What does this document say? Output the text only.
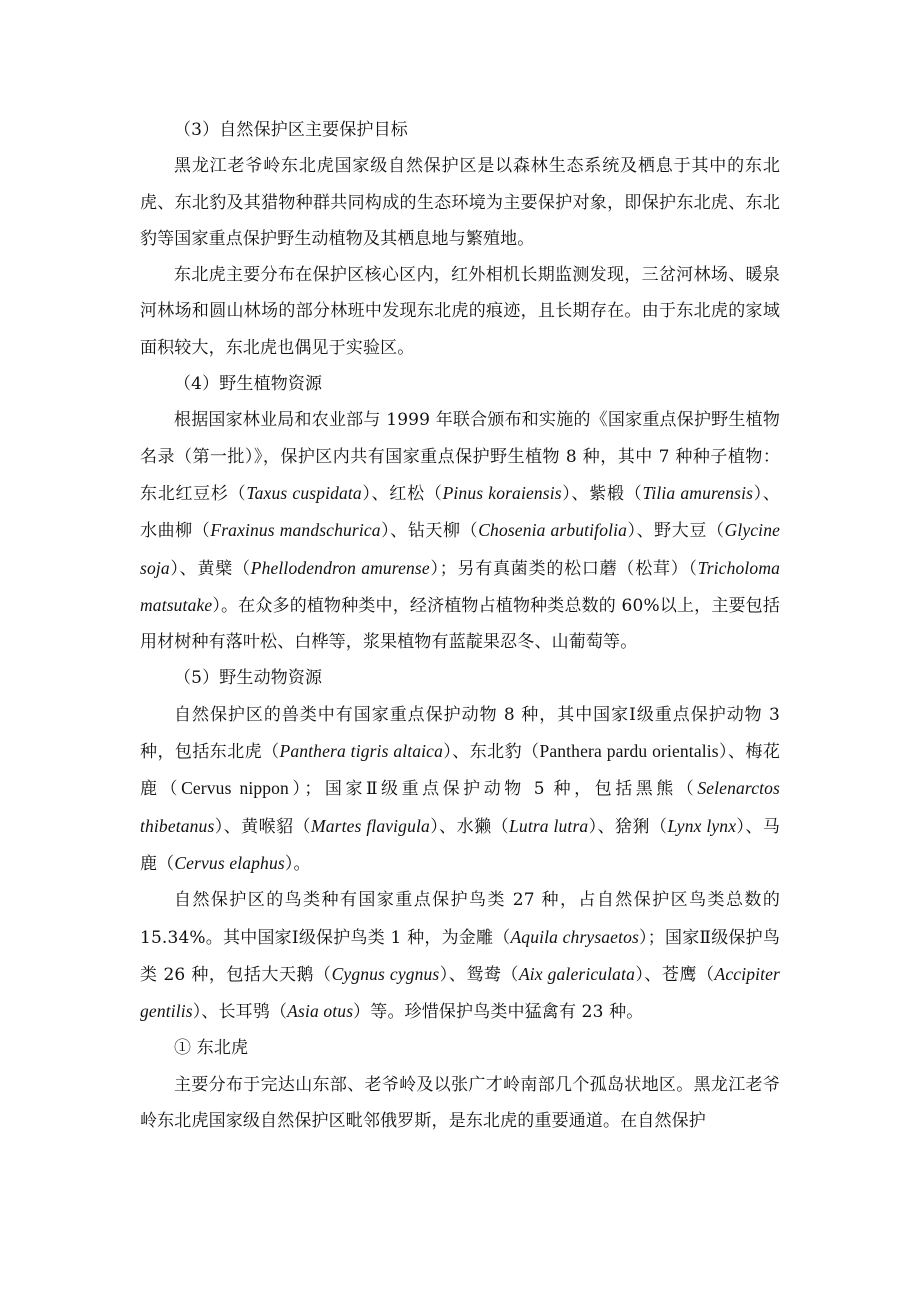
（3）自然保护区主要保护目标

黑龙江老爷岭东北虎国家级自然保护区是以森林生态系统及栖息于其中的东北虎、东北豹及其猎物种群共同构成的生态环境为主要保护对象，即保护东北虎、东北豹等国家重点保护野生动植物及其栖息地与繁殖地。

东北虎主要分布在保护区核心区内，红外相机长期监测发现，三岔河林场、暖泉河林场和圆山林场的部分林班中发现东北虎的痕迹，且长期存在。由于东北虎的家域面积较大，东北虎也偶见于实验区。

（4）野生植物资源

根据国家林业局和农业部与 1999 年联合颁布和实施的《国家重点保护野生植物名录（第一批）》，保护区内共有国家重点保护野生植物 8 种，其中 7 种种子植物：东北红豆杉（Taxus cuspidata）、红松（Pinus koraiensis）、紫椴（Tilia amurensis）、水曲柳（Fraxinus mandschurica）、钻天柳（Chosenia arbutifolia）、野大豆（Glycine soja）、黄檗（Phellodendron amurense）；另有真菌类的松口蘑（松茸）（Tricholoma matsutake）。在众多的植物种类中，经济植物占植物种类总数的 60%以上，主要包括用材树种有落叶松、白桦等，浆果植物有蓝靛果忍冬、山葡萄等。

（5）野生动物资源

自然保护区的兽类中有国家重点保护动物 8 种，其中国家Ⅰ级重点保护动物 3 种，包括东北虎（Panthera tigris altaica）、东北豹（Panthera pardu orientalis）、梅花鹿（Cervus nippon）；国家Ⅱ级重点保护动物 5 种，包括黑熊（Selenarctos thibetanus）、黄喉貂（Martes flavigula）、水獭（Lutra lutra）、猞猁（Lynx lynx）、马鹿（Cervus elaphus）。

自然保护区的鸟类种有国家重点保护鸟类 27 种，占自然保护区鸟类总数的 15.34%。其中国家Ⅰ级保护鸟类 1 种，为金雕（Aquila chrysaetos）；国家Ⅱ级保护鸟类 26 种，包括大天鹅（Cygnus cygnus）、鸳鸯（Aix galericulata）、苍鹰（Accipiter gentilis）、长耳鸮（Asia otus）等。珍惜保护鸟类中猛禽有 23 种。

① 东北虎

主要分布于完达山东部、老爷岭及以张广才岭南部几个孤岛状地区。黑龙江老爷岭东北虎国家级自然保护区毗邻俄罗斯，是东北虎的重要通道。在自然保护
